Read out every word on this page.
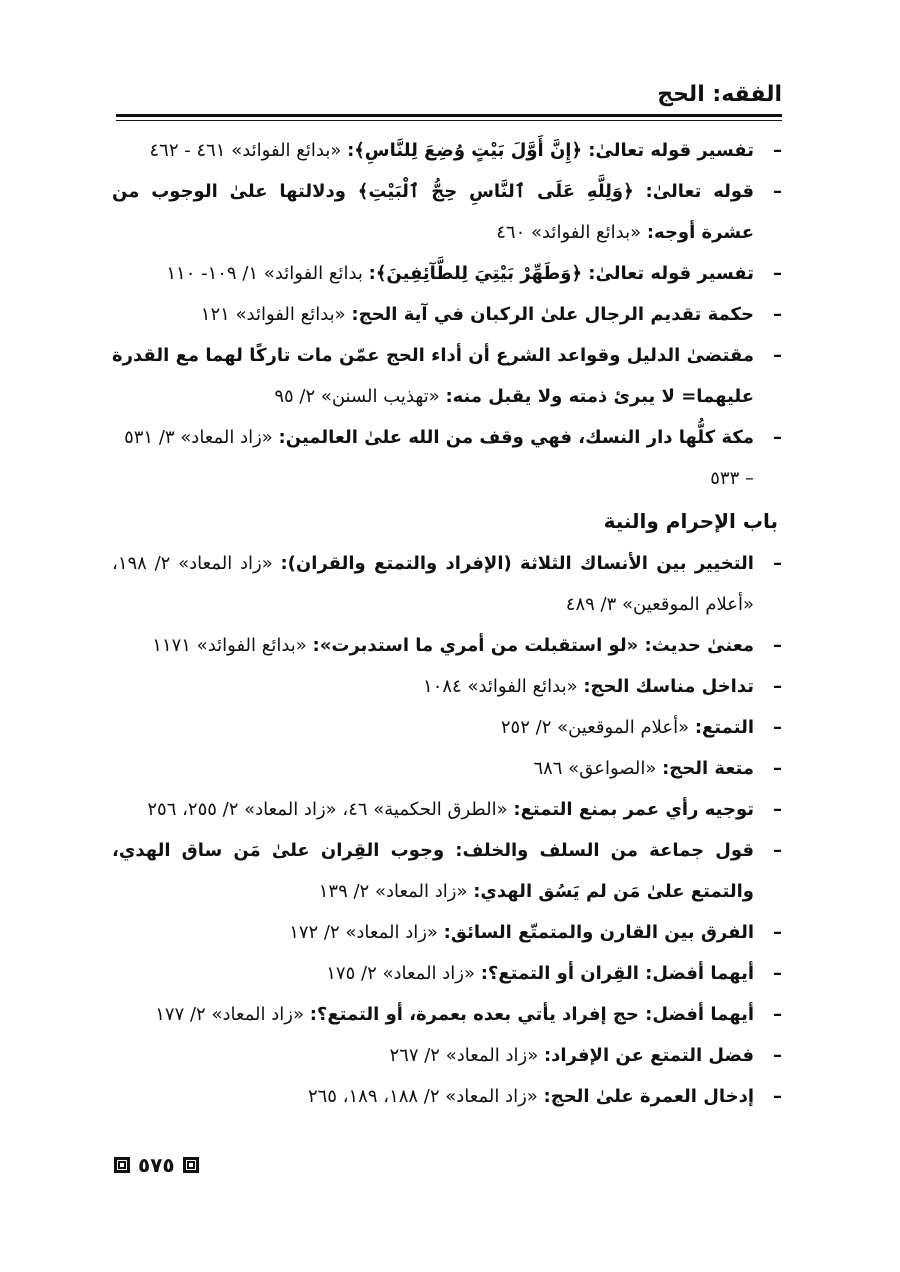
الفقه: الحج
–
تفسير قوله تعالىٰ: ﴿إِنَّ أَوَّلَ بَيْتٍ وُضِعَ لِلنَّاسِ﴾: «بدائع الفوائد» ٤٦١ - ٤٦٢
–
قوله تعالىٰ: ﴿وَلِلَّهِ عَلَى ٱلنَّاسِ حِجُّ ٱلْبَيْتِ﴾ ودلالتها علىٰ الوجوب من عشرة أوجه: «بدائع الفوائد» ٤٦٠
–
تفسير قوله تعالىٰ: ﴿وَطَهِّرْ بَيْتِيَ لِلطَّآئِفِينَ﴾: بدائع الفوائد» ١/ ١٠٩- ١١٠
–
حكمة تقديم الرجال علىٰ الركبان في آية الحج: «بدائع الفوائد» ١٢١
–
مقتضىٰ الدليل وقواعد الشرع أن أداء الحج عمّن مات تاركًا لهما مع القدرة عليهما= لا يبرئ ذمته ولا يقبل منه: «تهذيب السنن» ٢/ ٩٥
–
مكة كلُّها دار النسك، فهي وقف من الله علىٰ العالمين: «زاد المعاد» ٣/ ٥٣١ – ٥٣٣
باب الإحرام والنية
–
التخيير بين الأنساك الثلاثة (الإفراد والتمتع والقران): «زاد المعاد» ٢/ ١٩٨، «أعلام الموقعين» ٣/ ٤٨٩
–
معنىٰ حديث: «لو استقبلت من أمري ما استدبرت»: «بدائع الفوائد» ١١٧١
–
تداخل مناسك الحج: «بدائع الفوائد» ١٠٨٤
–
التمتع: «أعلام الموقعين» ٢/ ٢٥٢
–
متعة الحج: «الصواعق» ٦٨٦
–
توجيه رأي عمر بمنع التمتع: «الطرق الحكمية» ٤٦، «زاد المعاد» ٢/ ٢٥٥، ٢٥٦
–
قول جماعة من السلف والخلف: وجوب القِران علىٰ مَن ساق الهدي، والتمتع علىٰ مَن لم يَسُق الهدي: «زاد المعاد» ٢/ ١٣٩
–
الفرق بين القارن والمتمتّع السائق: «زاد المعاد» ٢/ ١٧٢
–
أيهما أفضل: القِران أو التمتع؟: «زاد المعاد» ٢/ ١٧٥
–
أيهما أفضل: حج إفراد يأتي بعده بعمرة، أو التمتع؟: «زاد المعاد» ٢/ ١٧٧
–
فضل التمتع عن الإفراد: «زاد المعاد» ٢/ ٢٦٧
–
إدخال العمرة علىٰ الحج: «زاد المعاد» ٢/ ١٨٨، ١٨٩، ٢٦٥
٥٧٥
